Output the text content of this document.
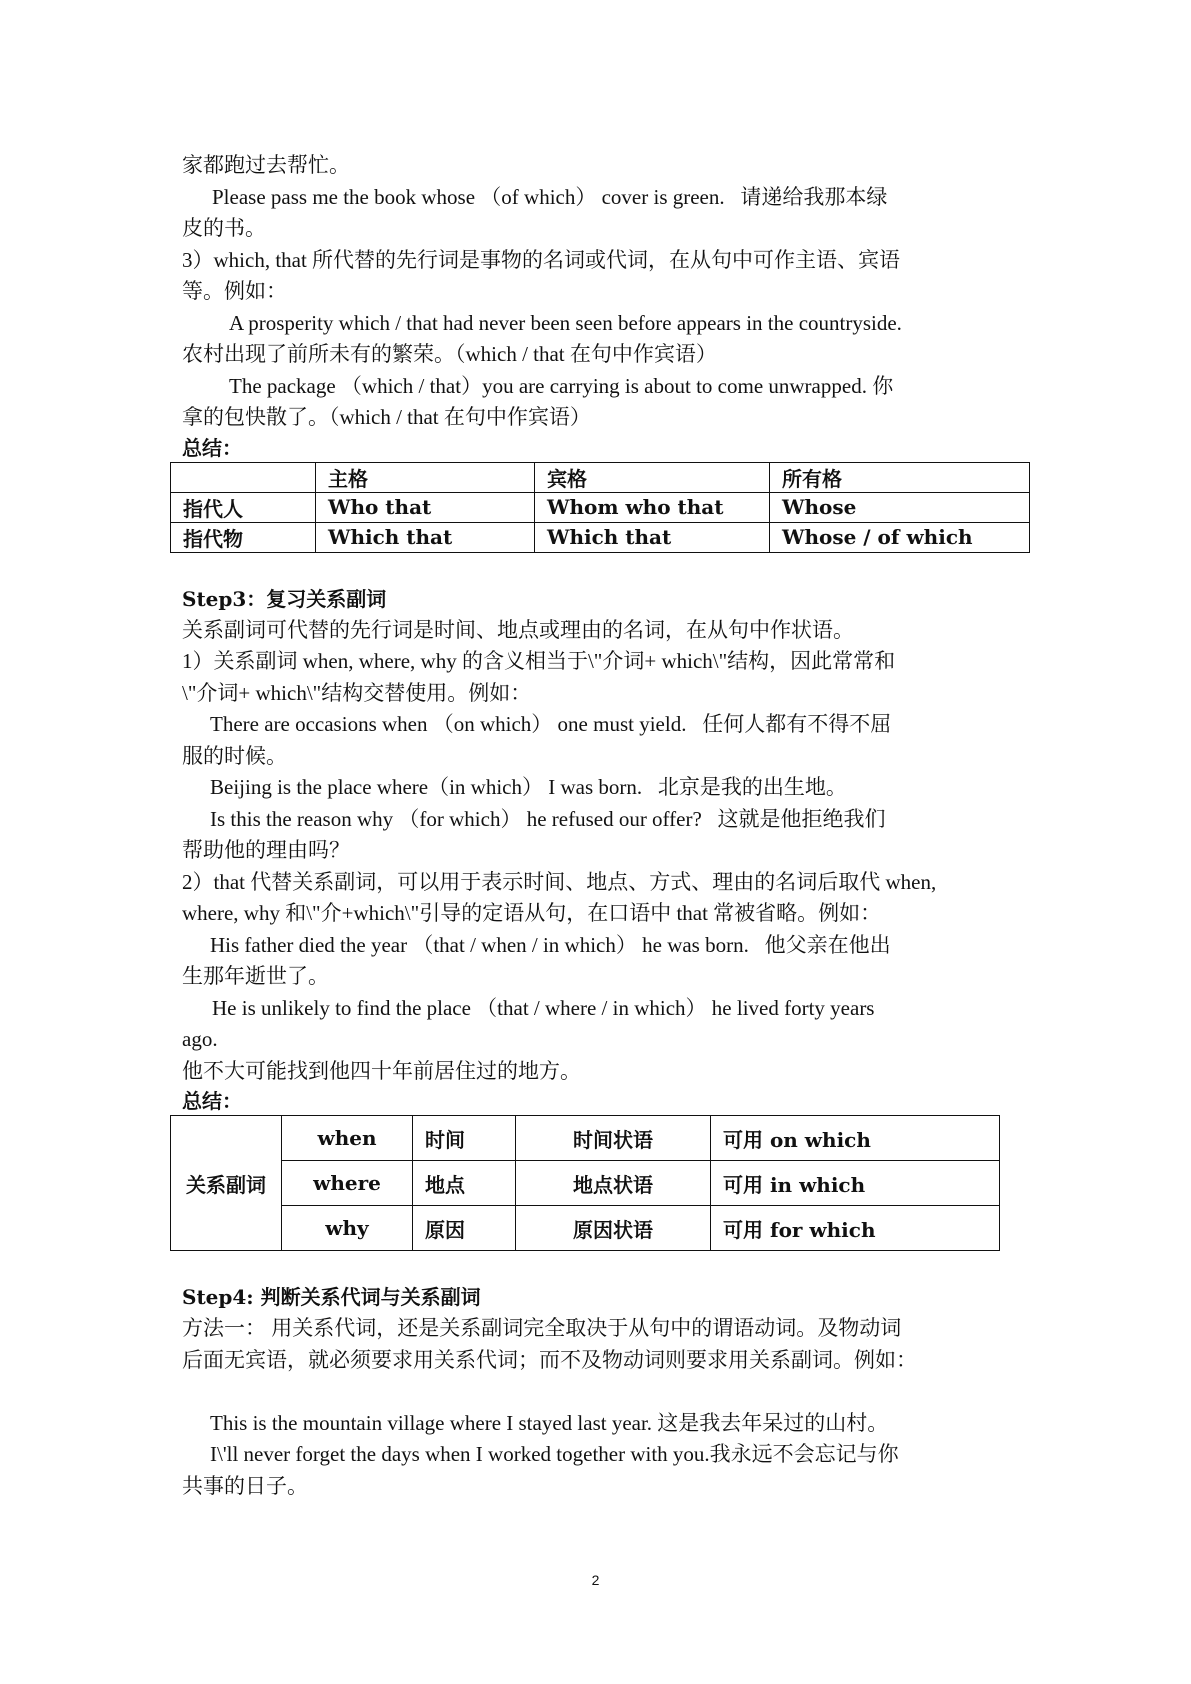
家都跑过去帮忙。

Please pass me the book whose （of which） cover is green.   请递给我那本绿

皮的书。

3）which, that 所代替的先行词是事物的名词或代词，在从句中可作主语、宾语

等。例如：

A prosperity which / that had never been seen before appears in the countryside.

农村出现了前所未有的繁荣。（which / that 在句中作宾语）

The package （which / that）you are carrying is about to come unwrapped. 你

拿的包快散了。（which / that 在句中作宾语）

总结：
	主格	宾格	所有格
指代人	Who that	Whom who that	Whose
指代物	Which that	Which that	Whose / of which
Step3：复习关系副词

关系副词可代替的先行词是时间、地点或理由的名词，在从句中作状语。

1）关系副词 when, where, why 的含义相当于\"介词+ which\"结构，因此常常和

\"介词+ which\"结构交替使用。例如：

There are occasions when （on which） one must yield.   任何人都有不得不屈

服的时候。

Beijing is the place where（in which） I was born.   北京是我的出生地。

Is this the reason why （for which） he refused our offer?   这就是他拒绝我们

帮助他的理由吗？

2）that 代替关系副词，可以用于表示时间、地点、方式、理由的名词后取代 when,

where, why 和\"介+which\"引导的定语从句，在口语中 that 常被省略。例如：

His father died the year （that / when / in which） he was born.   他父亲在他出

生那年逝世了。

He is unlikely to find the place （that / where / in which） he lived forty years

ago.

他不大可能找到他四十年前居住过的地方。

总结：
关系副词	when	时间	时间状语	可用 on which
	where	地点	地点状语	可用 in which
	why	原因	原因状语	可用 for which
Step4: 判断关系代词与关系副词

方法一： 用关系代词，还是关系副词完全取决于从句中的谓语动词。及物动词

后面无宾语，就必须要求用关系代词；而不及物动词则要求用关系副词。例如：

This is the mountain village where I stayed last year. 这是我去年呆过的山村。

I\'ll never forget the days when I worked together with you.我永远不会忘记与你

共事的日子。

2
